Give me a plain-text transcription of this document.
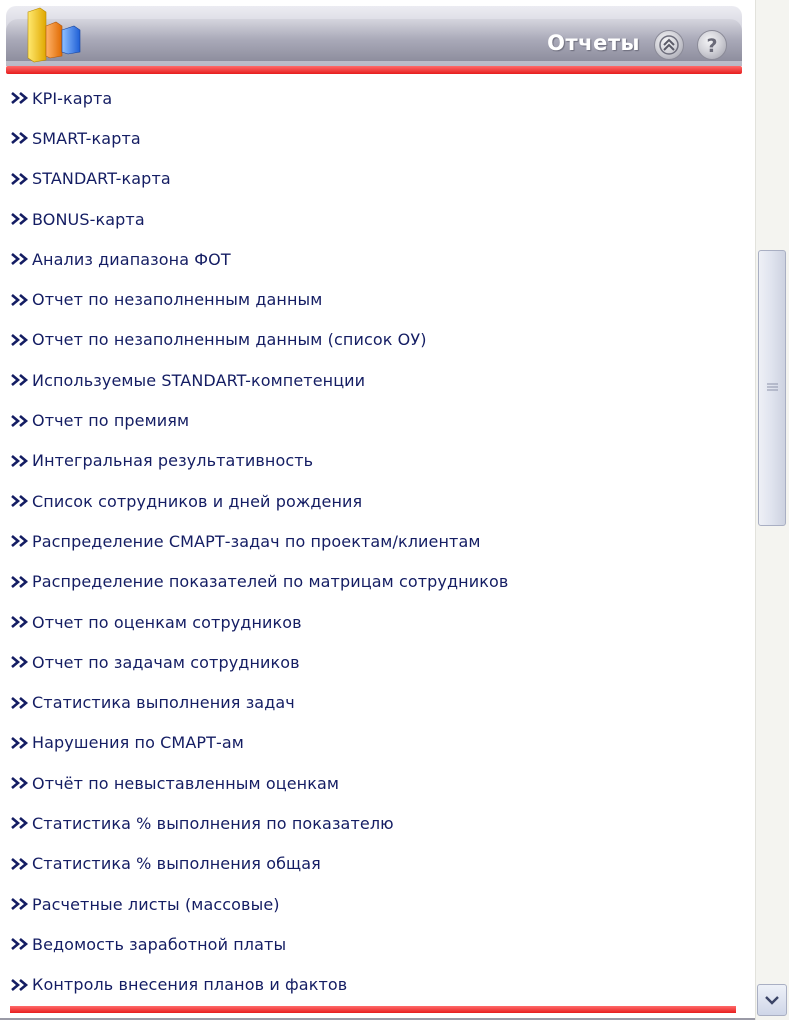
Отчеты	?
KPI-карта
SMART-карта
STANDART-карта
BONUS-карта
Анализ диапазона ФОТ
Отчет по незаполненным данным
Отчет по незаполненным данным (список ОУ)
Используемые STANDART-компетенции
Отчет по премиям
Интегральная результативность
Список сотрудников и дней рождения
Распределение СМАРТ-задач по проектам/клиентам
Распределение показателей по матрицам сотрудников
Отчет по оценкам сотрудников
Отчет по задачам сотрудников
Статистика выполнения задач
Нарушения по СМАРТ-ам
Отчёт по невыставленным оценкам
Статистика % выполнения по показателю
Статистика % выполнения общая
Расчетные листы (массовые)
Ведомость заработной платы
Контроль внесения планов и фактов
